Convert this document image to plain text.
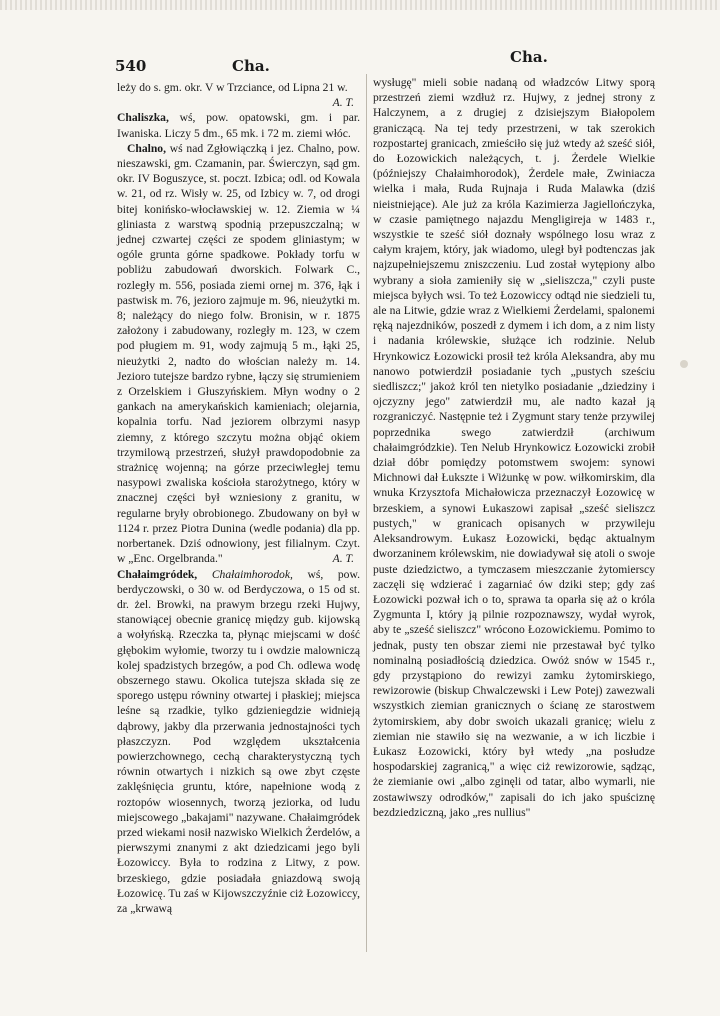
540	Cha.	Cha.

leży do s. gm. okr. V w Trzciance, od Lipna 21 w.
A. T.

Chaliszka, wś, pow. opatowski, gm. i par. Iwaniska. Liczy 5 dm., 65 mk. i 72 m. ziemi włóc.

Chalno, wś nad Zgłowiączką i jez. Chalno, pow. nieszawski, gm. Czamanin, par. Świerczyn, sąd gm. okr. IV Boguszyce, st. poczt. Izbica; odl. od Kowala w. 21, od rz. Wisły w. 25, od Izbicy w. 7, od drogi bitej konińsko-włocławskiej w. 12. Ziemia w ¼ gliniasta z warstwą spodnią przepuszczalną; w jednej czwartej części ze spodem gliniastym; w ogóle grunta górne spadkowe. Pokłady torfu w pobliżu zabudowań dworskich. Folwark C., rozległy m. 556, posiada ziemi ornej m. 376, łąk i pastwisk m. 76, jezioro zajmuje m. 96, nieużytki m. 8; należący do niego folw. Bronisin, w r. 1875 założony i zabudowany, rozległy m. 123, w czem pod pługiem m. 91, wody zajmują 5 m., łąki 25, nieużytki 2, nadto do włościan należy m. 14. Jezioro tutejsze bardzo rybne, łączy się strumieniem z Orzelskiem i Głuszyńskiem. Młyn wodny o 2 gankach na amerykańskich kamieniach; olejarnia, kopalnia torfu. Nad jeziorem olbrzymi nasyp ziemny, z którego szczytu można objąć okiem trzymilową przestrzeń, służył prawdopodobnie za strażnicę wojenną; na górze przeciwległej temu nasypowi zwaliska kościoła starożytnego, który w znacznej części był wzniesiony z granitu, w regularne bryły obrobionego. Zbudowany on był w 1124 r. przez Piotra Dunina (wedle podania) dla pp. norbertanek. Dziś odnowiony, jest filialnym. Czyt. w „Enc. Orgelbranda."	A. T.

Chałaimgródek, Chałaimhorodok, wś, pow. berdyczowski, o 30 w. od Berdyczowa, o 15 od st. dr. żel. Browki, na prawym brzegu rzeki Hujwy, stanowiącej obecnie granicę między gub. kijowską a wołyńską. Rzeczka ta, płynąc miejscami w dość głębokim wyłomie, tworzy tu i owdzie malowniczą kolej spadzistych brzegów, a pod Ch. odlewa wodę obszernego stawu. Okolica tutejsza składa się ze sporego ustępu równiny otwartej i płaskiej; miejsca leśne są rzadkie, tylko gdzieniegdzie widnieją dąbrowy, jakby dla przerwania jednostajności tych płaszczyzn. Pod względem ukształcenia powierzchownego, cechą charakterystyczną tych równin otwartych i nizkich są owe zbyt częste zaklęśnięcia gruntu, które, napełnione wodą z roztopów wiosennych, tworzą jeziorka, od ludu miejscowego „bakajami" nazywane. Chałaimgródek przed wiekami nosił nazwisko Wielkich Żerdelów, a pierwszymi znanymi z akt dziedzicami jego byli Łozowiccy. Była to rodzina z Litwy, z pow. brzeskiego, gdzie posiadała gniazdową swoją Łozowicę. Tu zaś w Kijowszczyźnie ciż Łozowiccy, za „krwawą

wysługę" mieli sobie nadaną od władzców Litwy sporą przestrzeń ziemi wzdłuż rz. Hujwy, z jednej strony z Halczynem, a z drugiej z dzisiejszym Białopolem graniczącą. Na tej tedy przestrzeni, w tak szerokich rozpostartej granicach, zmieściło się już wtedy aż sześć siół, do Łozowickich należących, t. j. Żerdele Wielkie (późniejszy Chałaimhorodok), Żerdele małe, Zwiniacza wielka i mała, Ruda Rujnaja i Ruda Malawka (dziś nieistniejące). Ale już za króla Kazimierza Jagiellończyka, w czasie pamiętnego najazdu Mengligireja w 1483 r., wszystkie te sześć siół doznały wspólnego losu wraz z całym krajem, który, jak wiadomo, uległ był podtenczas jak najzupełniejszemu zniszczeniu. Lud został wytępiony albo wybrany a sioła zamieniły się w „sieliszcza," czyli puste miejsca byłych wsi. To też Łozowiccy odtąd nie siedzieli tu, ale na Litwie, gdzie wraz z Wielkiemi Żerdelami, spalonemi ręką najezdników, poszedł z dymem i ich dom, a z nim listy i nadania królewskie, służące ich rodzinie. Nelub Hrynkowicz Łozowicki prosił też króla Aleksandra, aby mu nanowo potwierdził posiadanie tych „pustych sześciu siedliszcz;" jakoż król ten nietylko posiadanie „dziedziny i ojczyzny jego" zatwierdził mu, ale nadto kazał ją rozgraniczyć. Następnie też i Zygmunt stary tenże przywilej poprzednika swego zatwierdził (archiwum chałaimgródzkie). Ten Nelub Hrynkowicz Łozowicki zrobił dział dóbr pomiędzy potomstwem swojem: synowi Michnowi dał Łukszte i Wiżunkę w pow. wiłkomirskim, dla wnuka Krzysztofa Michałowicza przeznaczył Łozowicę w brzeskiem, a synowi Łukaszowi zapisał „sześć sieliszcz pustych," w granicach opisanych w przywileju Aleksandrowym. Łukasz Łozowicki, będąc aktualnym dworzaninem królewskim, nie dowiadywał się atoli o swoje puste dziedzictwo, a tymczasem mieszczanie żytomierscy zaczęli się wdzierać i zagarniać ów dziki step; gdy zaś Łozowicki pozwał ich o to, sprawa ta oparła się aż o króla Zygmunta I, który ją pilnie rozpoznawszy, wydał wyrok, aby te „sześć sieliszcz" wrócono Łozowickiemu. Pomimo to jednak, pusty ten obszar ziemi nie przestawał być tylko nominalną posiadłością dziedzica. Owóż snów w 1545 r., gdy przystąpiono do rewizyi zamku żytomirskiego, rewizorowie (biskup Chwalczewski i Lew Potej) zawezwali wszystkich ziemian granicznych o ścianę ze starostwem żytomirskiem, aby dobr swoich ukazali granicę; wielu z ziemian nie stawiło się na wezwanie, a w ich liczbie i Łukasz Łozowicki, który był wtedy „na posłudze hospodarskiej zagranicą," a więc ciż rewizorowie, sądząc, że ziemianie owi „albo zginęli od tatar, albo wymarli, nie zostawiwszy odrodków," zapisali do ich jako spuściznę bezdziedziczną, jako „res nullius"
